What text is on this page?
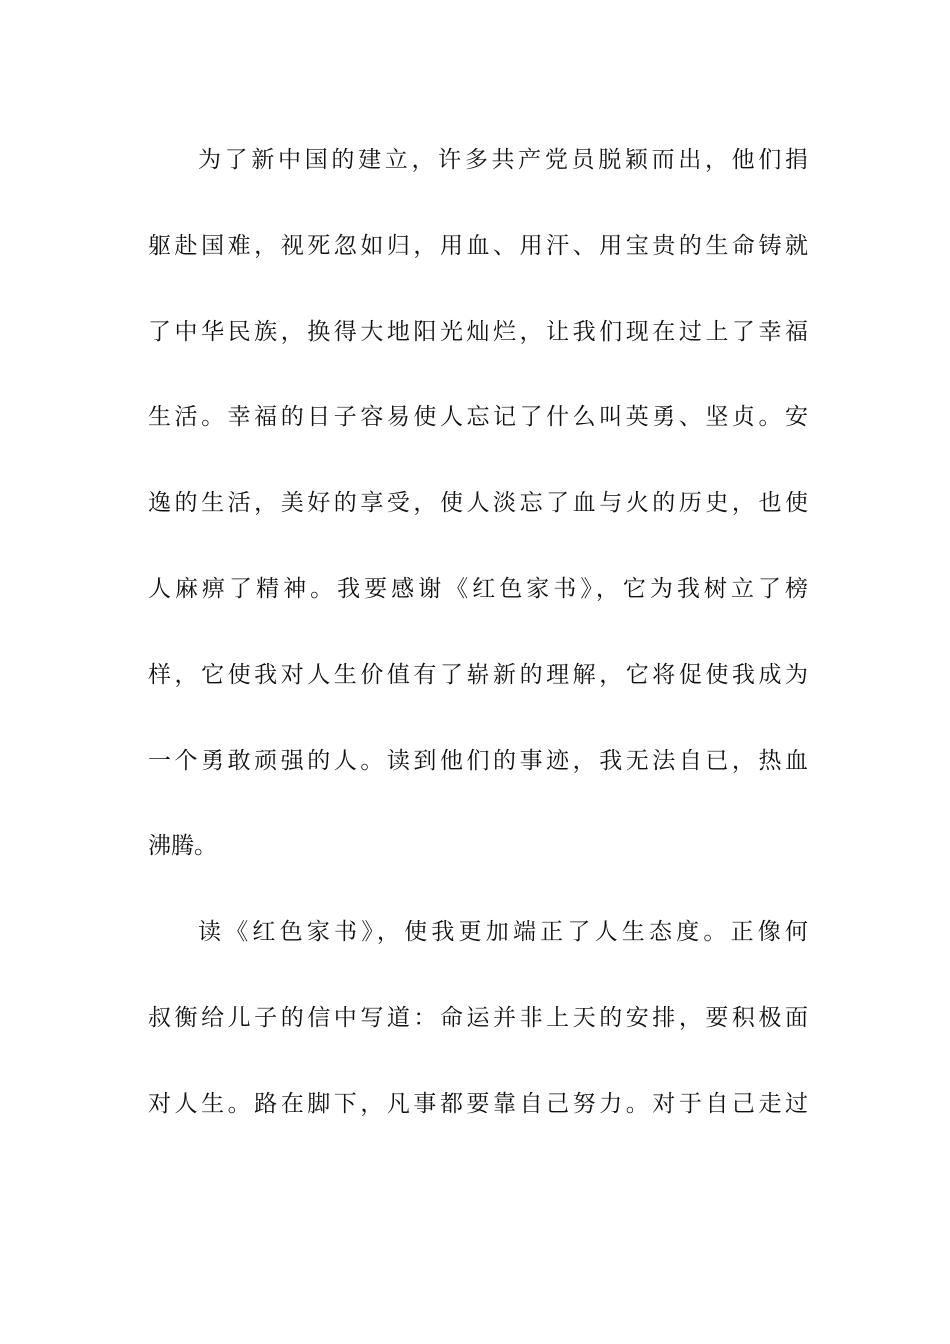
为了新中国的建立，许多共产党员脱颖而出，他们捐
躯赴国难，视死忽如归，用血、用汗、用宝贵的生命铸就
了中华民族，换得大地阳光灿烂，让我们现在过上了幸福
生活。幸福的日子容易使人忘记了什么叫英勇、坚贞。安
逸的生活，美好的享受，使人淡忘了血与火的历史，也使
人麻痹了精神。我要感谢《红色家书》，它为我树立了榜
样，它使我对人生价值有了崭新的理解，它将促使我成为
一个勇敢顽强的人。读到他们的事迹，我无法自已，热血
沸腾。
读《红色家书》，使我更加端正了人生态度。正像何
叔衡给儿子的信中写道：命运并非上天的安排，要积极面
对人生。路在脚下，凡事都要靠自己努力。对于自己走过
